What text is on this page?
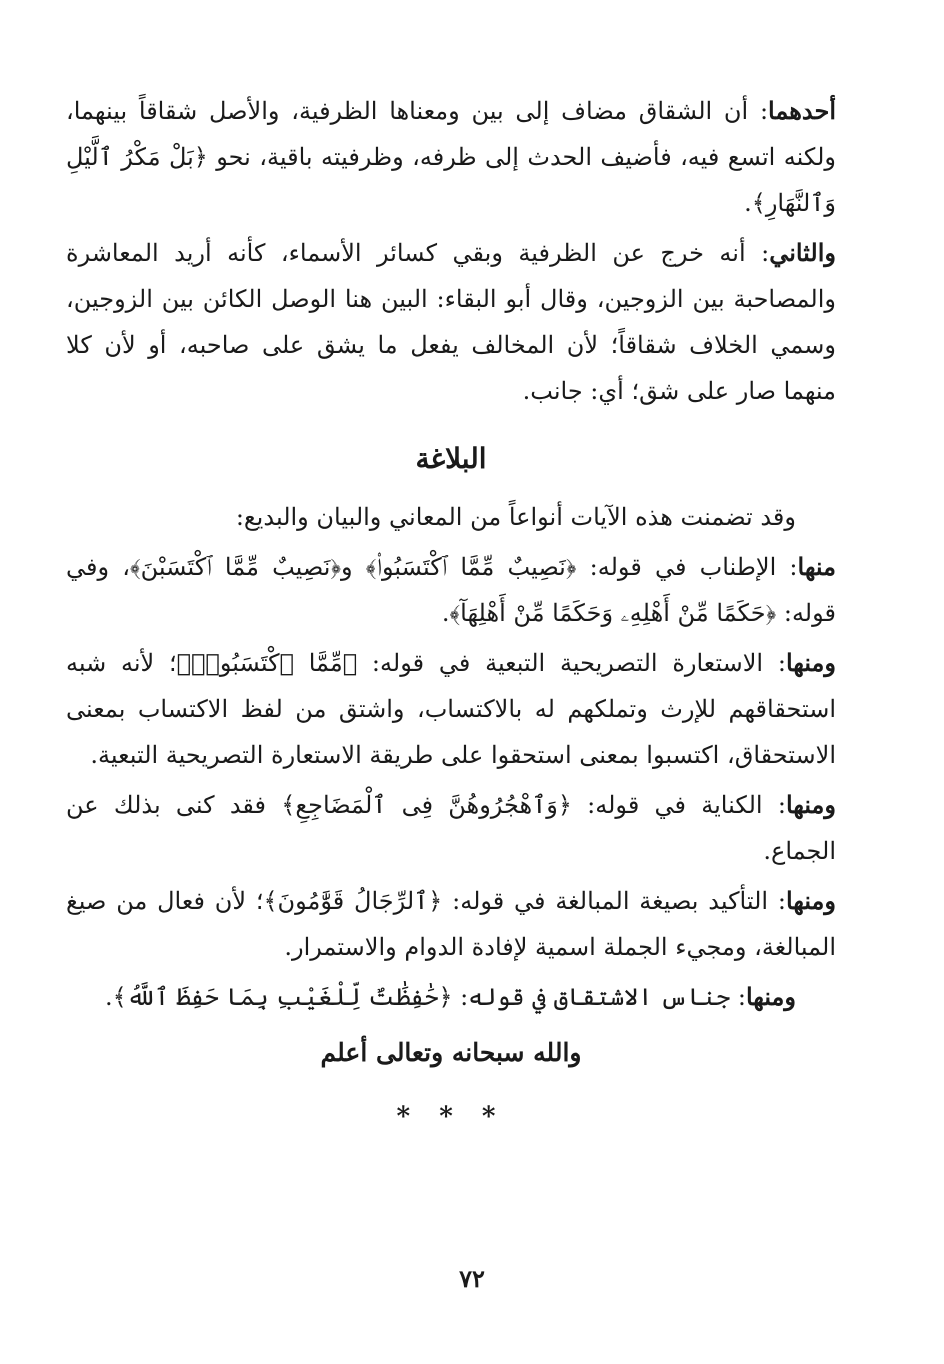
أحدهما: أن الشقاق مضاف إلى بين ومعناها الظرفية، والأصل شقاقاً بينهما، ولكنه اتسع فيه، فأضيف الحدث إلى ظرفه، وظرفيته باقية، نحو ﴿بَلْ مَكْرُ ٱلَّيْلِ وَٱلنَّهَارِ﴾.

والثاني: أنه خرج عن الظرفية وبقي كسائر الأسماء، كأنه أريد المعاشرة والمصاحبة بين الزوجين، وقال أبو البقاء: البين هنا الوصل الكائن بين الزوجين، وسمي الخلاف شقاقاً؛ لأن المخالف يفعل ما يشق على صاحبه، أو لأن كلا منهما صار على شق؛ أي: جانب.

البلاغة

وقد تضمنت هذه الآيات أنواعاً من المعاني والبيان والبديع:

منها: الإطناب في قوله: ﴿نَصِيبٌ مِّمَّا ٱكْتَسَبُوا۟﴾ و﴿نَصِيبٌ مِّمَّا ٱكْتَسَبْنَ﴾، وفي قوله: ﴿حَكَمًا مِّنْ أَهْلِهِۦ وَحَكَمًا مِّنْ أَهْلِهَآ﴾.

ومنها: الاستعارة التصريحية التبعية في قوله: ﴿مِّمَّا ٱكْتَسَبُوا۟﴾؛ لأنه شبه استحقاقهم للإرث وتملكهم له بالاكتساب، واشتق من لفظ الاكتساب بمعنى الاستحقاق، اكتسبوا بمعنى استحقوا على طريقة الاستعارة التصريحية التبعية.

ومنها: الكناية في قوله: ﴿وَٱهْجُرُوهُنَّ فِى ٱلْمَضَاجِعِ﴾ فقد كنى بذلك عن الجماع.

ومنها: التأكيد بصيغة المبالغة في قوله: ﴿ٱلرِّجَالُ قَوَّٰمُونَ﴾؛ لأن فعال من صيغ المبالغة، ومجيء الجملة اسمية لإفادة الدوام والاستمرار.

ومنها: جناس الاشتقاق في قوله: ﴿حَٰفِظَٰتٌ لِّلْغَيْبِ بِمَا حَفِظَ ٱللَّهُ﴾.

والله سبحانه وتعالى أعلم
* * *
٧٢
